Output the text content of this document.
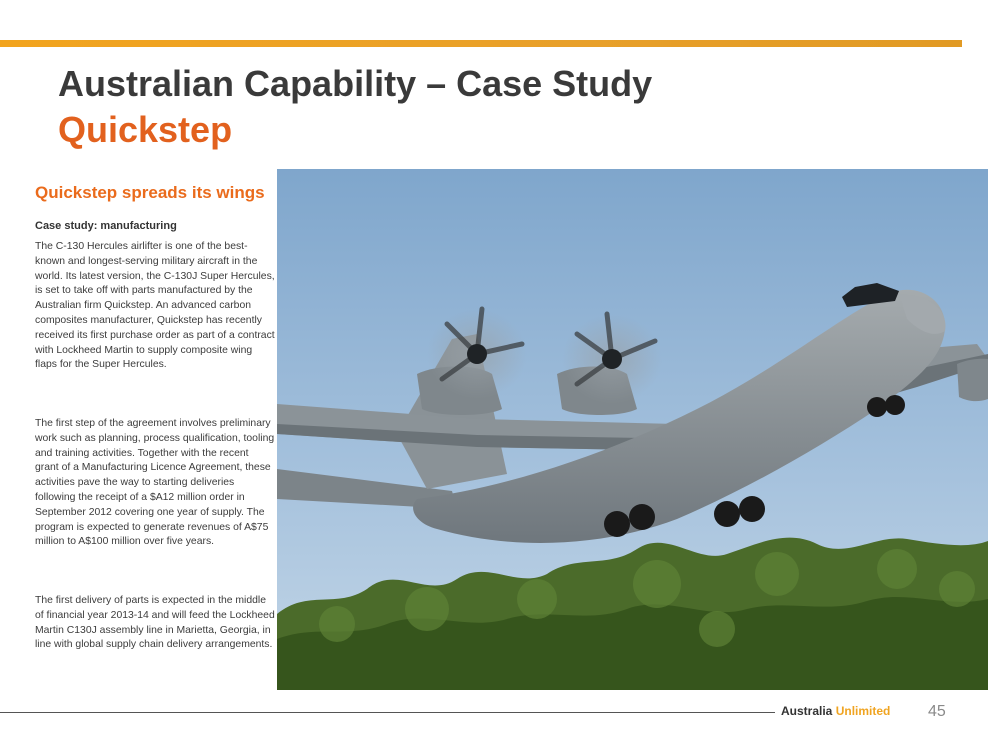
Australian Capability – Case Study
Quickstep
Quickstep spreads its wings

Case study: manufacturing

The C-130 Hercules airlifter is one of the best-known and longest-serving military aircraft in the world. Its latest version, the C-130J Super Hercules, is set to take off with parts manufactured by the Australian firm Quickstep. An advanced carbon composites manufacturer, Quickstep has recently received its first purchase order as part of a contract with Lockheed Martin to supply composite wing flaps for the Super Hercules.

The first step of the agreement involves preliminary work such as planning, process qualification, tooling and training activities. Together with the recent grant of a Manufacturing Licence Agreement, these activities pave the way to starting deliveries following the receipt of a $A12 million order in September 2012 covering one year of supply. The program is expected to generate revenues of A$75 million to A$100 million over five years.

The first delivery of parts is expected in the middle of financial year 2013-14 and will feed the Lockheed Martin C130J assembly line in Marietta, Georgia, in line with global supply chain delivery arrangements.

Australia Unlimited 45
